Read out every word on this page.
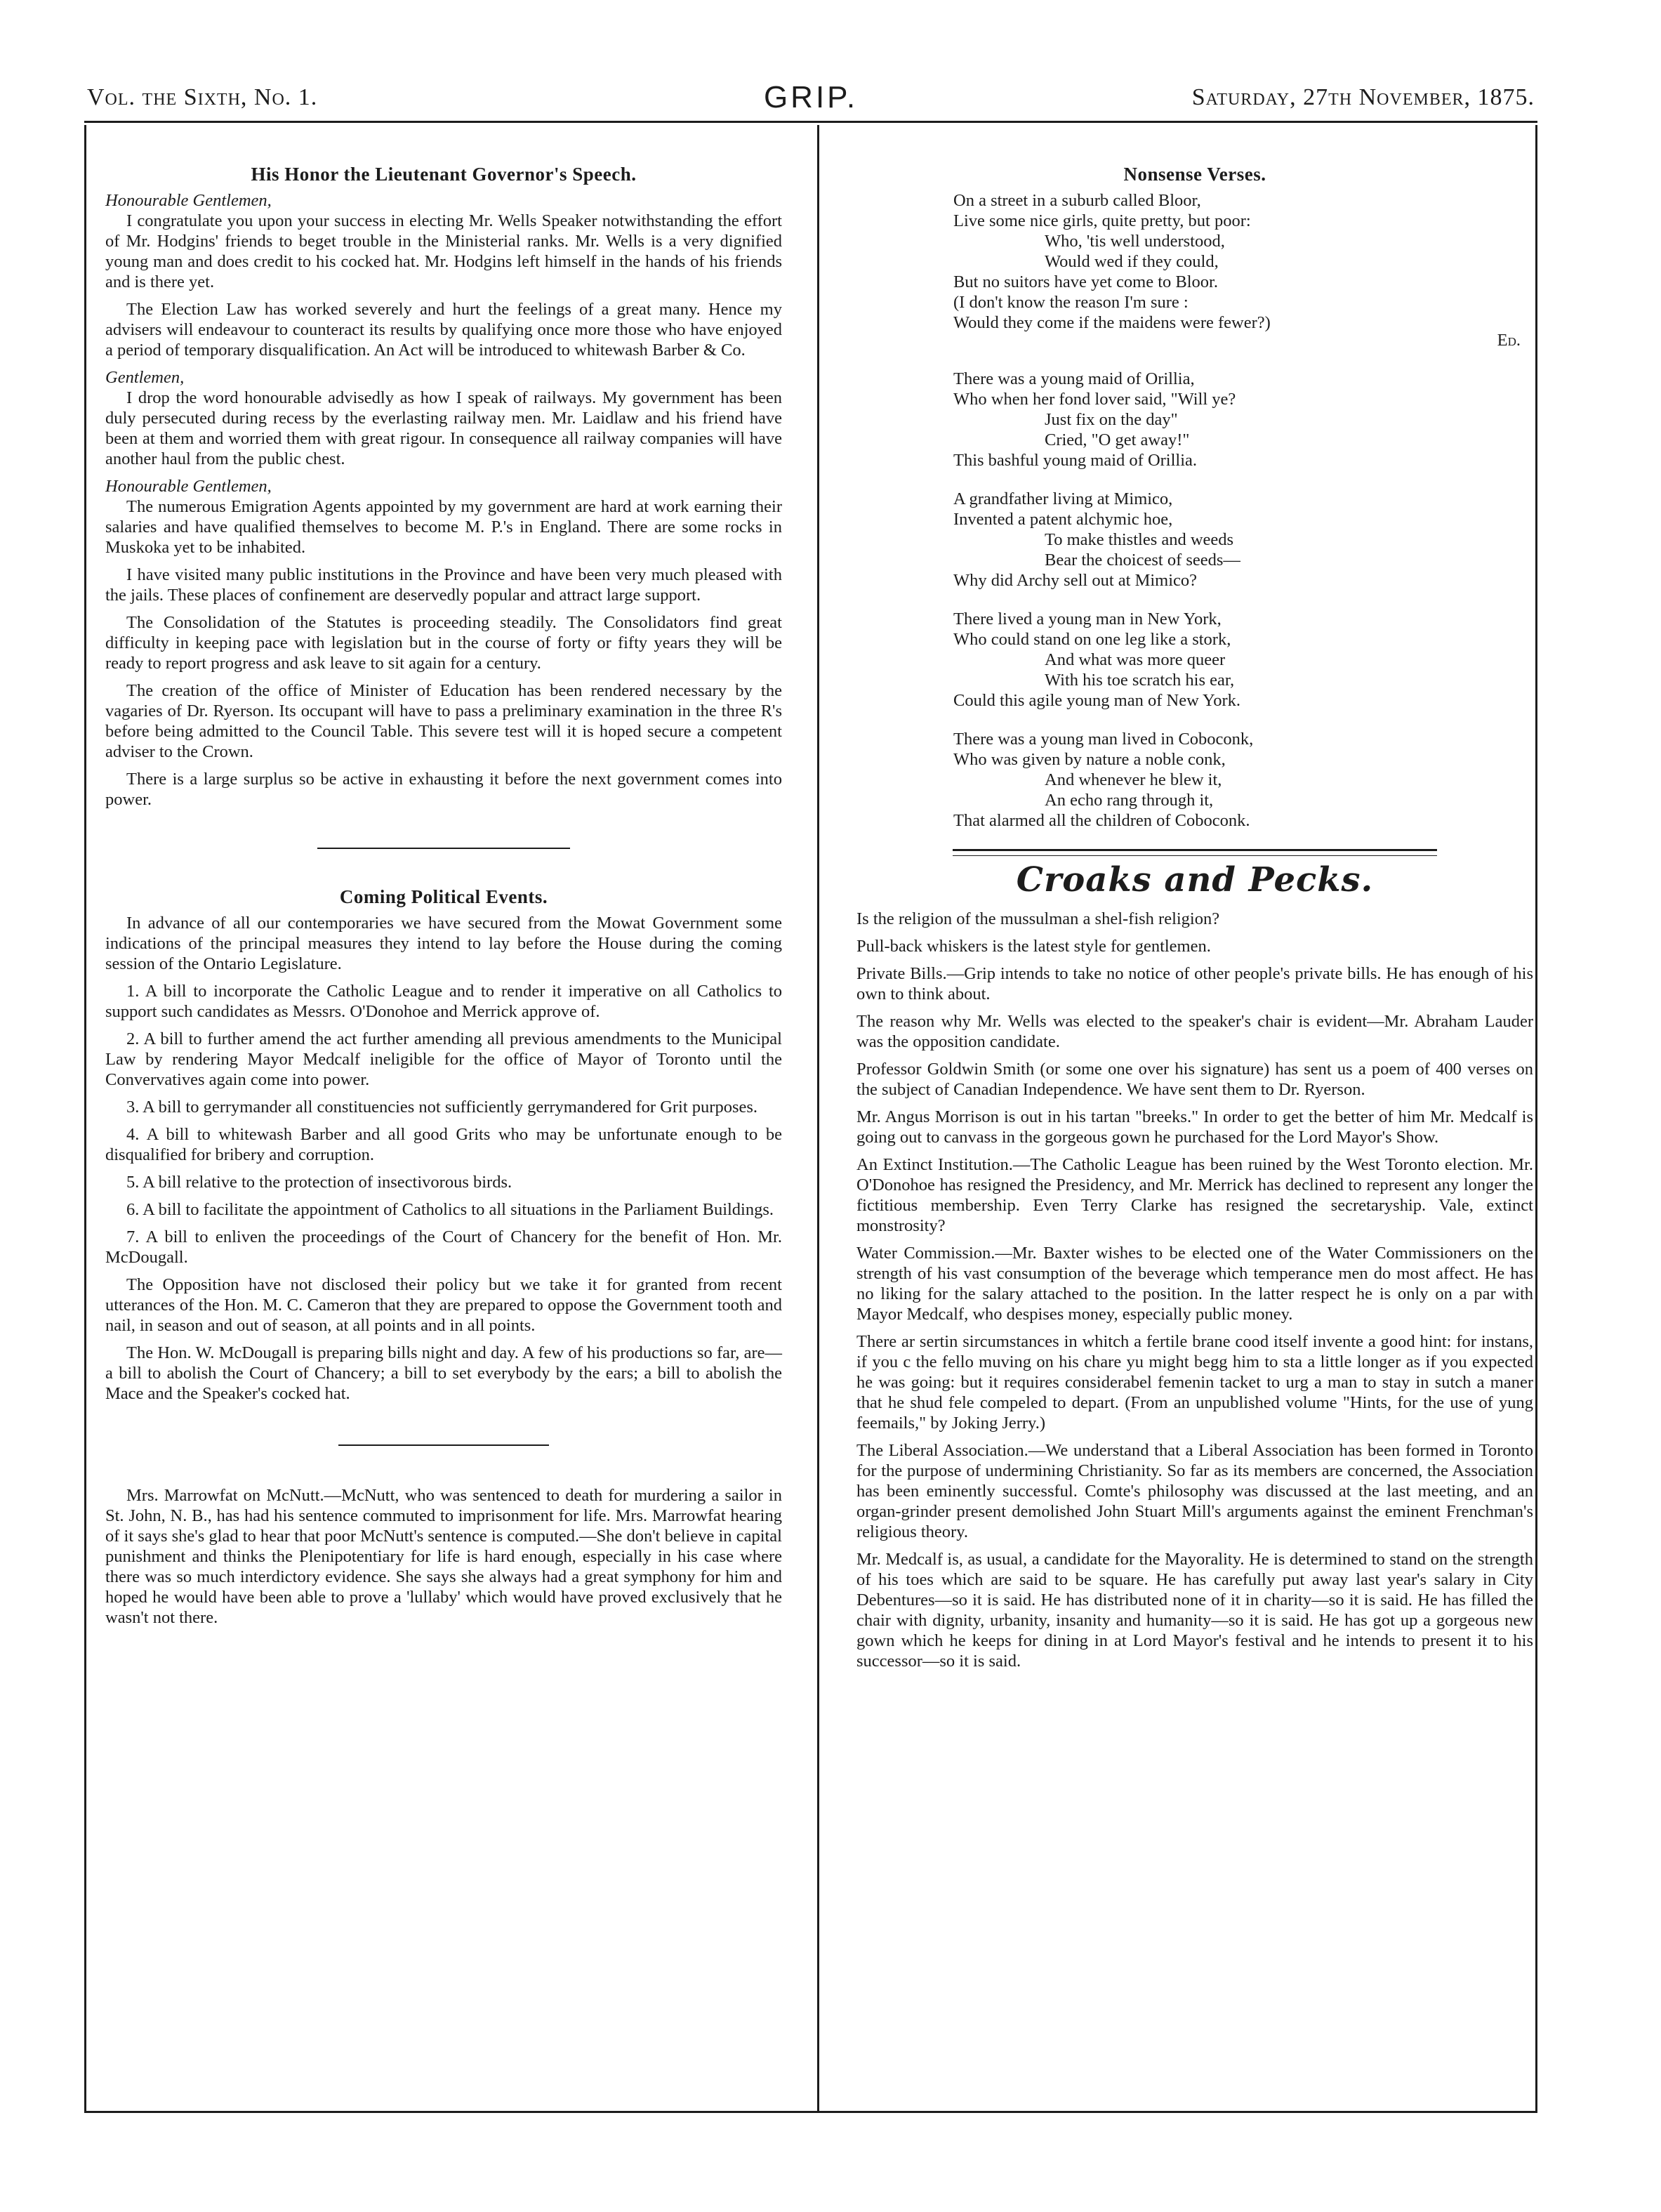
Vol. the Sixth, No. 1.	GRIP.	Saturday, 27th November, 1875.
His Honor the Lieutenant Governor's Speech.
Honourable Gentlemen,

I congratulate you upon your success in electing Mr. Wells Speaker notwithstanding the effort of Mr. Hodgins' friends to beget trouble in the Ministerial ranks. Mr. Wells is a very dignified young man and does credit to his cocked hat. Mr. Hodgins left himself in the hands of his friends and is there yet.

The Election Law has worked severely and hurt the feelings of a great many. Hence my advisers will endeavour to counteract its results by qualifying once more those who have enjoyed a period of temporary disqualification. An Act will be introduced to whitewash Barber & Co.

Gentlemen,

I drop the word honourable advisedly as how I speak of railways. My government has been duly persecuted during recess by the everlasting railway men. Mr. Laidlaw and his friend have been at them and worried them with great rigour. In consequence all railway companies will have another haul from the public chest.

Honourable Gentlemen,

The numerous Emigration Agents appointed by my government are hard at work earning their salaries and have qualified themselves to become M. P.'s in England. There are some rocks in Muskoka yet to be inhabited.

I have visited many public institutions in the Province and have been very much pleased with the jails. These places of confinement are deservedly popular and attract large support.

The Consolidation of the Statutes is proceeding steadily. The Consolidators find great difficulty in keeping pace with legislation but in the course of forty or fifty years they will be ready to report progress and ask leave to sit again for a century.

The creation of the office of Minister of Education has been rendered necessary by the vagaries of Dr. Ryerson. Its occupant will have to pass a preliminary examination in the three R's before being admitted to the Council Table. This severe test will it is hoped secure a competent adviser to the Crown.

There is a large surplus so be active in exhausting it before the next government comes into power.

Coming Political Events.

In advance of all our contemporaries we have secured from the Mowat Government some indications of the principal measures they intend to lay before the House during the coming session of the Ontario Legislature.

1. A bill to incorporate the Catholic League and to render it imperative on all Catholics to support such candidates as Messrs. O'Donohoe and Merrick approve of.

2. A bill to further amend the act further amending all previous amendments to the Municipal Law by rendering Mayor Medcalf ineligible for the office of Mayor of Toronto until the Convervatives again come into power.

3. A bill to gerrymander all constituencies not sufficiently gerrymandered for Grit purposes.

4. A bill to whitewash Barber and all good Grits who may be unfortunate enough to be disqualified for bribery and corruption.

5. A bill relative to the protection of insectivorous birds.

6. A bill to facilitate the appointment of Catholics to all situations in the Parliament Buildings.

7. A bill to enliven the proceedings of the Court of Chancery for the benefit of Hon. Mr. McDougall.

The Opposition have not disclosed their policy but we take it for granted from recent utterances of the Hon. M. C. Cameron that they are prepared to oppose the Government tooth and nail, in season and out of season, at all points and in all points.

The Hon. W. McDougall is preparing bills night and day. A few of his productions so far, are—a bill to abolish the Court of Chancery; a bill to set everybody by the ears; a bill to abolish the Mace and the Speaker's cocked hat.

Mrs. Marrowfat on McNutt.—McNutt, who was sentenced to death for murdering a sailor in St. John, N. B., has had his sentence commuted to imprisonment for life. Mrs. Marrowfat hearing of it says she's glad to hear that poor McNutt's sentence is computed.—She don't believe in capital punishment and thinks the Plenipotentiary for life is hard enough, especially in his case where there was so much interdictory evidence. She says she always had a great symphony for him and hoped he would have been able to prove a 'lullaby' which would have proved exclusively that he wasn't not there.

Nonsense Verses.
On a street in a suburb called Bloor,
Live some nice girls, quite pretty, but poor:
Who, 'tis well understood,
Would wed if they could,
But no suitors have yet come to Bloor.
(I don't know the reason I'm sure :
Would they come if the maidens were fewer?)
Ed.
There was a young maid of Orillia,
Who when her fond lover said, "Will ye?
Just fix on the day"
Cried, "O get away!"
This bashful young maid of Orillia.
A grandfather living at Mimico,
Invented a patent alchymic hoe,
To make thistles and weeds
Bear the choicest of seeds—
Why did Archy sell out at Mimico?
There lived a young man in New York,
Who could stand on one leg like a stork,
And what was more queer
With his toe scratch his ear,
Could this agile young man of New York.
There was a young man lived in Coboconk,
Who was given by nature a noble conk,
And whenever he blew it,
An echo rang through it,
That alarmed all the children of Coboconk.
Croaks and Pecks.

Is the religion of the mussulman a shel-fish religion?

Pull-back whiskers is the latest style for gentlemen.

Private Bills.—Grip intends to take no notice of other people's private bills. He has enough of his own to think about.

The reason why Mr. Wells was elected to the speaker's chair is evident—Mr. Abraham Lauder was the opposition candidate.

Professor Goldwin Smith (or some one over his signature) has sent us a poem of 400 verses on the subject of Canadian Independence. We have sent them to Dr. Ryerson.

Mr. Angus Morrison is out in his tartan "breeks." In order to get the better of him Mr. Medcalf is going out to canvass in the gorgeous gown he purchased for the Lord Mayor's Show.

An Extinct Institution.—The Catholic League has been ruined by the West Toronto election. Mr. O'Donohoe has resigned the Presidency, and Mr. Merrick has declined to represent any longer the fictitious membership. Even Terry Clarke has resigned the secretaryship. Vale, extinct monstrosity?

Water Commission.—Mr. Baxter wishes to be elected one of the Water Commissioners on the strength of his vast consumption of the beverage which temperance men do most affect. He has no liking for the salary attached to the position. In the latter respect he is only on a par with Mayor Medcalf, who despises money, especially public money.

There ar sertin sircumstances in whitch a fertile brane cood itself invente a good hint: for instans, if you c the fello muving on his chare yu might begg him to sta a little longer as if you expected he was going: but it requires considerabel femenin tacket to urg a man to stay in sutch a maner that he shud fele compeled to depart. (From an unpublished volume "Hints, for the use of yung feemails," by Joking Jerry.)

The Liberal Association.—We understand that a Liberal Association has been formed in Toronto for the purpose of undermining Christianity. So far as its members are concerned, the Association has been eminently successful. Comte's philosophy was discussed at the last meeting, and an organ-grinder present demolished John Stuart Mill's arguments against the eminent Frenchman's religious theory.

Mr. Medcalf is, as usual, a candidate for the Mayorality. He is determined to stand on the strength of his toes which are said to be square. He has carefully put away last year's salary in City Debentures—so it is said. He has distributed none of it in charity—so it is said. He has filled the chair with dignity, urbanity, insanity and humanity—so it is said. He has got up a gorgeous new gown which he keeps for dining in at Lord Mayor's festival and he intends to present it to his successor—so it is said.
